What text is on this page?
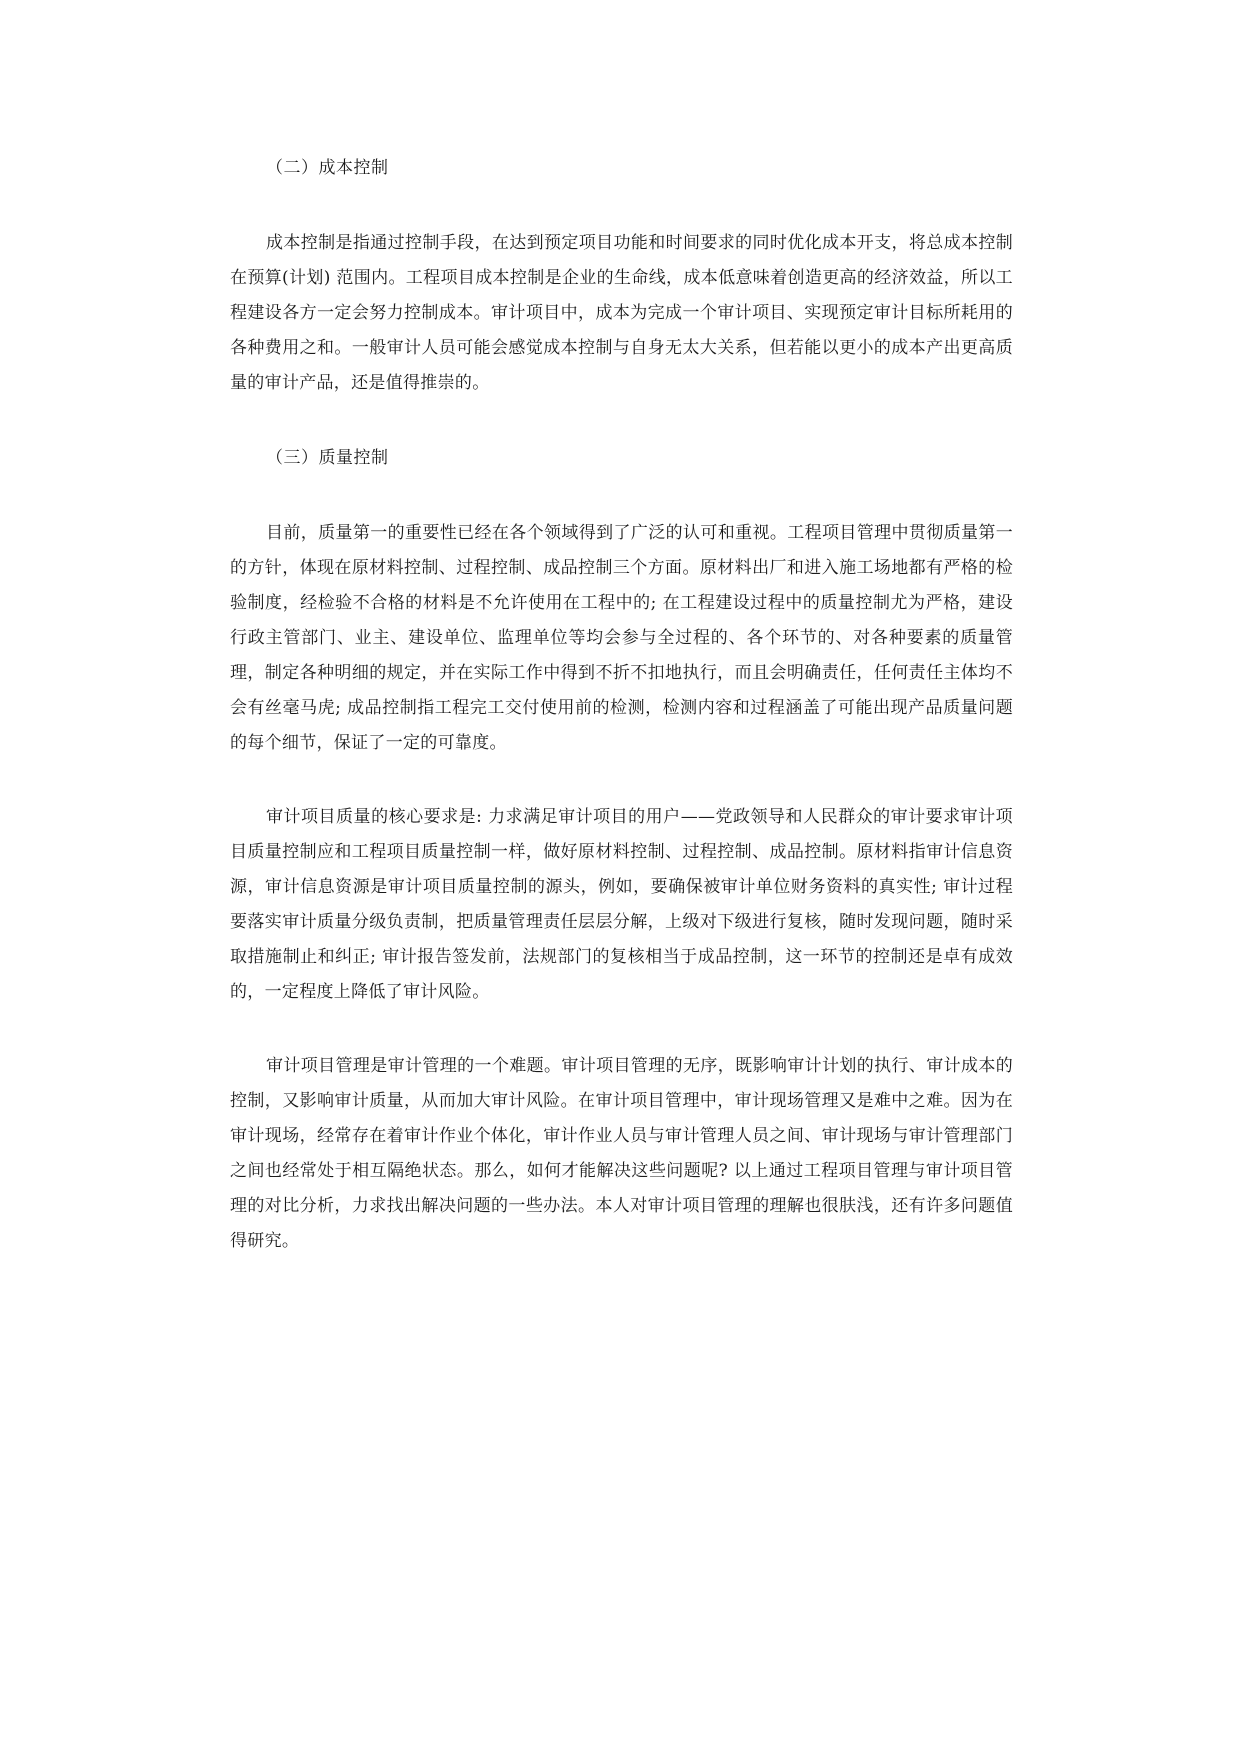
（二）成本控制

成本控制是指通过控制手段，在达到预定项目功能和时间要求的同时优化成本开支，将总成本控制在预算(计划) 范围内。工程项目成本控制是企业的生命线，成本低意味着创造更高的经济效益，所以工程建设各方一定会努力控制成本。审计项目中，成本为完成一个审计项目、实现预定审计目标所耗用的各种费用之和。一般审计人员可能会感觉成本控制与自身无太大关系，但若能以更小的成本产出更高质量的审计产品，还是值得推崇的。

（三）质量控制

目前，质量第一的重要性已经在各个领域得到了广泛的认可和重视。工程项目管理中贯彻质量第一的方针，体现在原材料控制、过程控制、成品控制三个方面。原材料出厂和进入施工场地都有严格的检验制度，经检验不合格的材料是不允许使用在工程中的; 在工程建设过程中的质量控制尤为严格，建设行政主管部门、业主、建设单位、监理单位等均会参与全过程的、各个环节的、对各种要素的质量管理，制定各种明细的规定，并在实际工作中得到不折不扣地执行，而且会明确责任，任何责任主体均不会有丝毫马虎; 成品控制指工程完工交付使用前的检测，检测内容和过程涵盖了可能出现产品质量问题的每个细节，保证了一定的可靠度。

审计项目质量的核心要求是: 力求满足审计项目的用户——党政领导和人民群众的审计要求审计项目质量控制应和工程项目质量控制一样，做好原材料控制、过程控制、成品控制。原材料指审计信息资源，审计信息资源是审计项目质量控制的源头，例如，要确保被审计单位财务资料的真实性; 审计过程要落实审计质量分级负责制，把质量管理责任层层分解，上级对下级进行复核，随时发现问题，随时采取措施制止和纠正; 审计报告签发前，法规部门的复核相当于成品控制，这一环节的控制还是卓有成效的，一定程度上降低了审计风险。

审计项目管理是审计管理的一个难题。审计项目管理的无序，既影响审计计划的执行、审计成本的控制，又影响审计质量，从而加大审计风险。在审计项目管理中，审计现场管理又是难中之难。因为在审计现场，经常存在着审计作业个体化，审计作业人员与审计管理人员之间、审计现场与审计管理部门之间也经常处于相互隔绝状态。那么，如何才能解决这些问题呢? 以上通过工程项目管理与审计项目管理的对比分析，力求找出解决问题的一些办法。本人对审计项目管理的理解也很肤浅，还有许多问题值得研究。
